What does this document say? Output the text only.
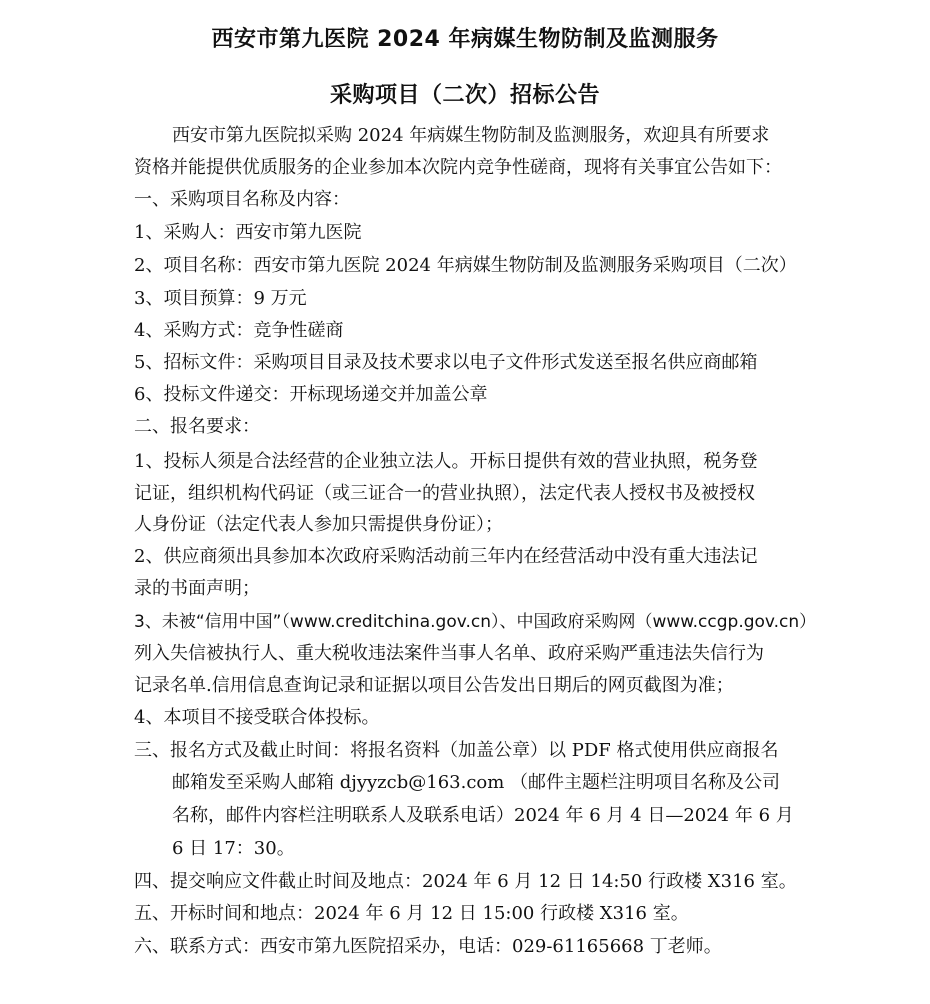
西安市第九医院 2024 年病媒生物防制及监测服务
采购项目（二次）招标公告
西安市第九医院拟采购 2024 年病媒生物防制及监测服务，欢迎具有所要求
资格并能提供优质服务的企业参加本次院内竞争性磋商，现将有关事宜公告如下：
一、采购项目名称及内容：
1、采购人：西安市第九医院
2、项目名称：西安市第九医院 2024 年病媒生物防制及监测服务采购项目（二次）
3、项目预算：9 万元
4、采购方式：竞争性磋商
5、招标文件：采购项目目录及技术要求以电子文件形式发送至报名供应商邮箱
6、投标文件递交：开标现场递交并加盖公章
二、报名要求：
1、投标人须是合法经营的企业独立法人。开标日提供有效的营业执照，税务登
记证，组织机构代码证（或三证合一的营业执照），法定代表人授权书及被授权
人身份证（法定代表人参加只需提供身份证）；
2、供应商须出具参加本次政府采购活动前三年内在经营活动中没有重大违法记
录的书面声明；
3、未被“信用中国”（www.creditchina.gov.cn）、中国政府采购网（www.ccgp.gov.cn）
列入失信被执行人、重大税收违法案件当事人名单、政府采购严重违法失信行为
记录名单.信用信息查询记录和证据以项目公告发出日期后的网页截图为准；
4、本项目不接受联合体投标。
三、报名方式及截止时间：将报名资料（加盖公章）以 PDF 格式使用供应商报名
邮箱发至采购人邮箱 djyyzcb@163.com （邮件主题栏注明项目名称及公司
名称，邮件内容栏注明联系人及联系电话）2024 年 6 月 4 日—2024 年 6 月
6 日 17：30。
四、提交响应文件截止时间及地点：2024 年 6 月 12 日 14:50 行政楼 X316 室。
五、开标时间和地点：2024 年 6 月 12 日 15:00 行政楼 X316 室。
六、联系方式：西安市第九医院招采办，电话：029-61165668 丁老师。
